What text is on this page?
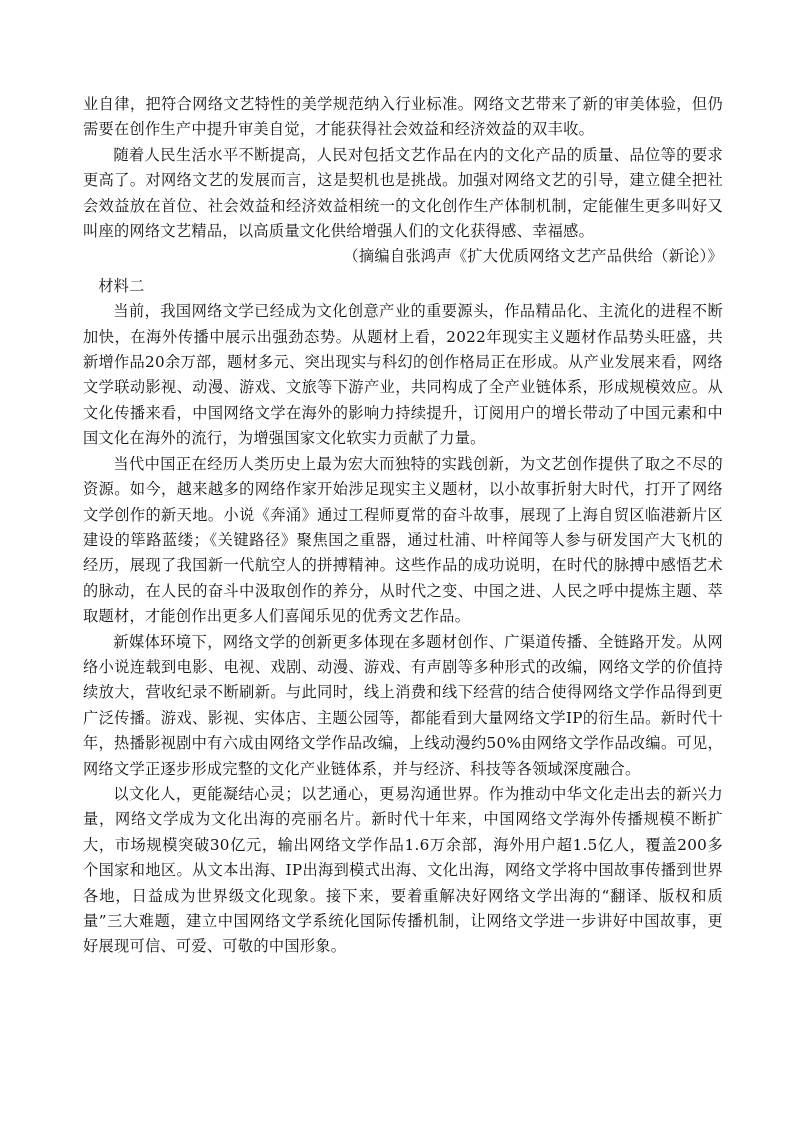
业自律，把符合网络文艺特性的美学规范纳入行业标准。网络文艺带来了新的审美体验，但仍需要在创作生产中提升审美自觉，才能获得社会效益和经济效益的双丰收。

随着人民生活水平不断提高，人民对包括文艺作品在内的文化产品的质量、品位等的要求更高了。对网络文艺的发展而言，这是契机也是挑战。加强对网络文艺的引导，建立健全把社会效益放在首位、社会效益和经济效益相统一的文化创作生产体制机制，定能催生更多叫好又叫座的网络文艺精品，以高质量文化供给增强人们的文化获得感、幸福感。

（摘编自张鸿声《扩大优质网络文艺产品供给（新论）》

材料二

当前，我国网络文学已经成为文化创意产业的重要源头，作品精品化、主流化的进程不断加快，在海外传播中展示出强劲态势。从题材上看，2022年现实主义题材作品势头旺盛，共新增作品20余万部，题材多元、突出现实与科幻的创作格局正在形成。从产业发展来看，网络文学联动影视、动漫、游戏、文旅等下游产业，共同构成了全产业链体系，形成规模效应。从文化传播来看，中国网络文学在海外的影响力持续提升，订阅用户的增长带动了中国元素和中国文化在海外的流行，为增强国家文化软实力贡献了力量。

当代中国正在经历人类历史上最为宏大而独特的实践创新，为文艺创作提供了取之不尽的资源。如今，越来越多的网络作家开始涉足现实主义题材，以小故事折射大时代，打开了网络文学创作的新天地。小说《奔涌》通过工程师夏常的奋斗故事，展现了上海自贸区临港新片区建设的筚路蓝缕；《关键路径》聚焦国之重器，通过杜浦、叶梓闻等人参与研发国产大飞机的经历，展现了我国新一代航空人的拼搏精神。这些作品的成功说明，在时代的脉搏中感悟艺术的脉动，在人民的奋斗中汲取创作的养分，从时代之变、中国之进、人民之呼中提炼主题、萃取题材，才能创作出更多人们喜闻乐见的优秀文艺作品。

新媒体环境下，网络文学的创新更多体现在多题材创作、广渠道传播、全链路开发。从网络小说连载到电影、电视、戏剧、动漫、游戏、有声剧等多种形式的改编，网络文学的价值持续放大，营收纪录不断刷新。与此同时，线上消费和线下经营的结合使得网络文学作品得到更广泛传播。游戏、影视、实体店、主题公园等，都能看到大量网络文学IP的衍生品。新时代十年，热播影视剧中有六成由网络文学作品改编，上线动漫约50%由网络文学作品改编。可见，网络文学正逐步形成完整的文化产业链体系，并与经济、科技等各领域深度融合。

以文化人，更能凝结心灵；以艺通心，更易沟通世界。作为推动中华文化走出去的新兴力量，网络文学成为文化出海的亮丽名片。新时代十年来，中国网络文学海外传播规模不断扩大，市场规模突破30亿元，输出网络文学作品1.6万余部，海外用户超1.5亿人，覆盖200多个国家和地区。从文本出海、IP出海到模式出海、文化出海，网络文学将中国故事传播到世界各地，日益成为世界级文化现象。接下来，要着重解决好网络文学出海的“翻译、版权和质量”三大难题，建立中国网络文学系统化国际传播机制，让网络文学进一步讲好中国故事，更好展现可信、可爱、可敬的中国形象。
